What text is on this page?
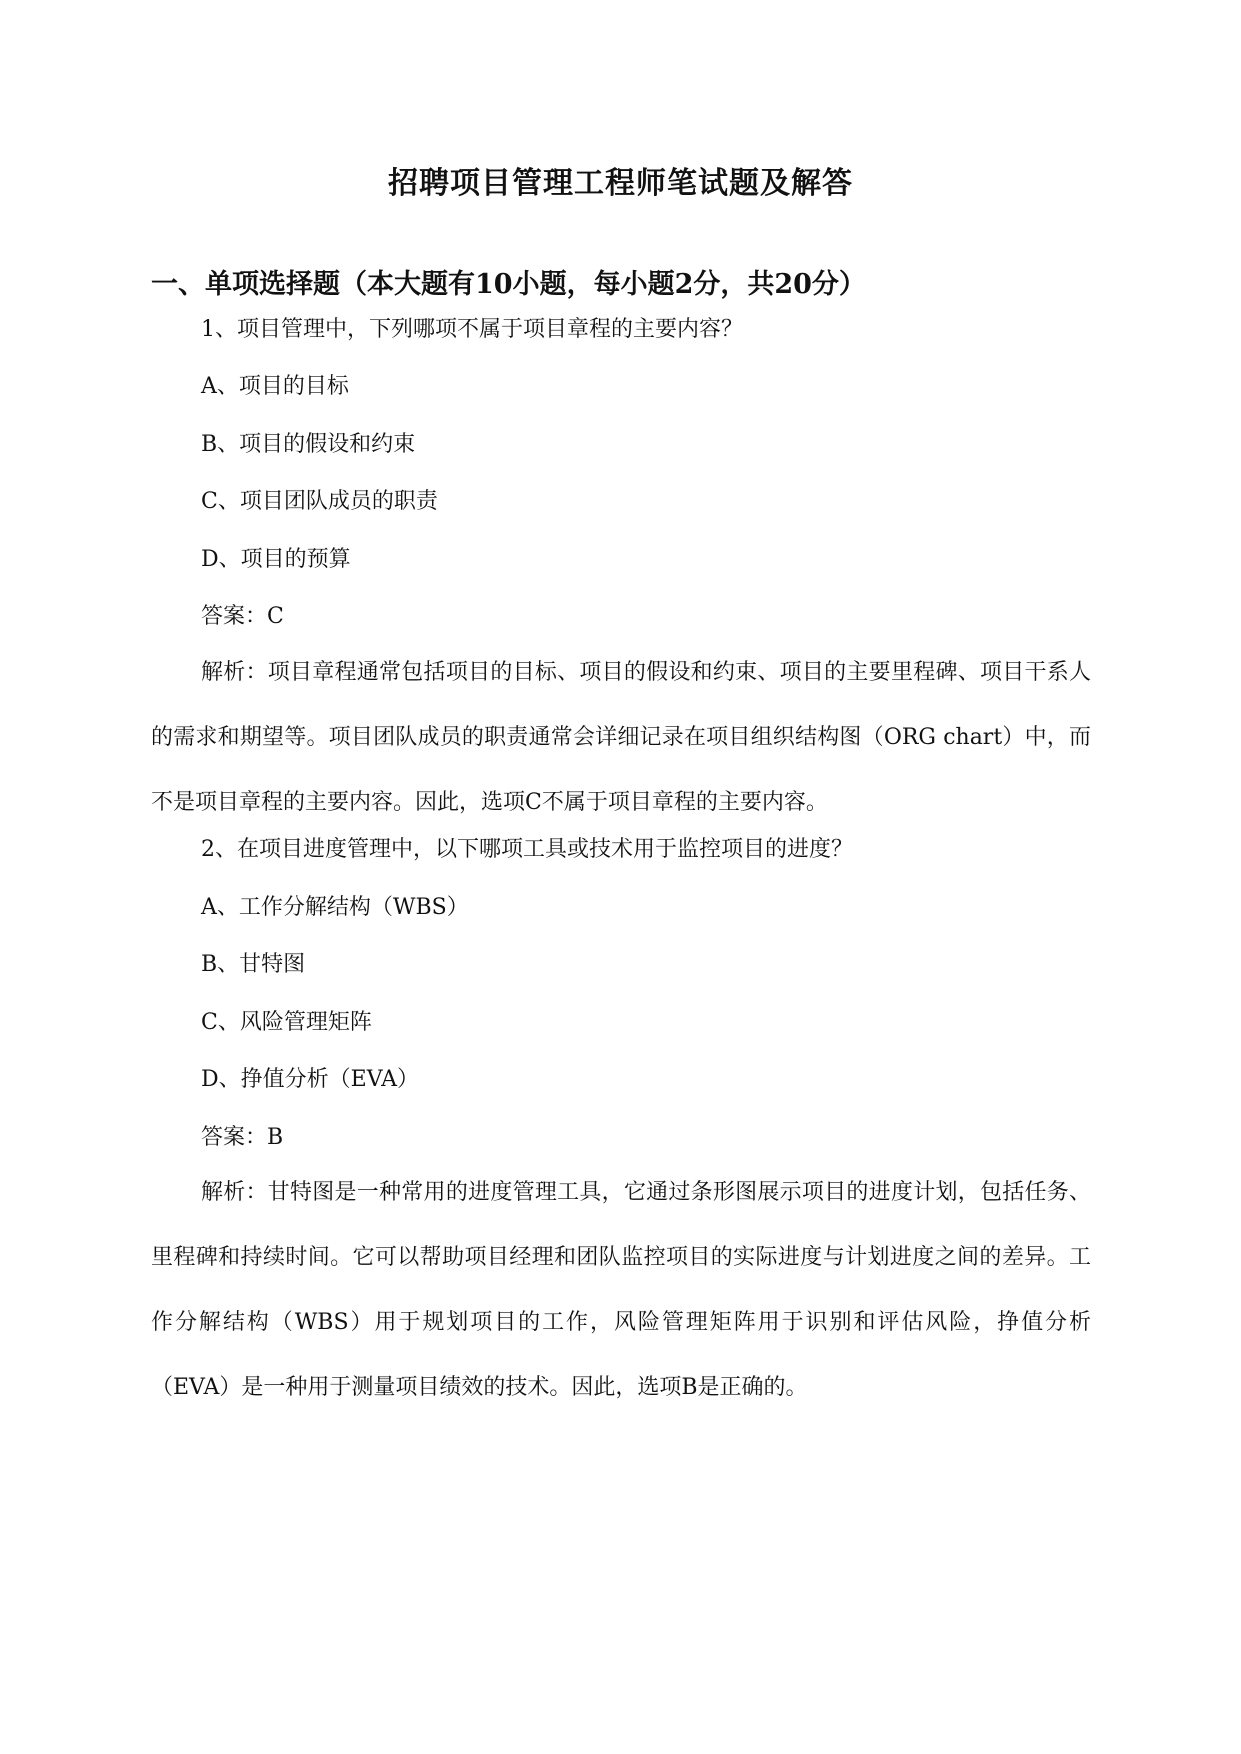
招聘项目管理工程师笔试题及解答
一、单项选择题（本大题有10小题，每小题2分，共20分）

1、项目管理中，下列哪项不属于项目章程的主要内容？

A、项目的目标

B、项目的假设和约束

C、项目团队成员的职责

D、项目的预算

答案：C

解析：项目章程通常包括项目的目标、项目的假设和约束、项目的主要里程碑、项目干系人的需求和期望等。项目团队成员的职责通常会详细记录在项目组织结构图（ORG chart）中，而不是项目章程的主要内容。因此，选项C不属于项目章程的主要内容。

2、在项目进度管理中，以下哪项工具或技术用于监控项目的进度？

A、工作分解结构（WBS）

B、甘特图

C、风险管理矩阵

D、挣值分析（EVA）

答案：B

解析：甘特图是一种常用的进度管理工具，它通过条形图展示项目的进度计划，包括任务、里程碑和持续时间。它可以帮助项目经理和团队监控项目的实际进度与计划进度之间的差异。工作分解结构（WBS）用于规划项目的工作，风险管理矩阵用于识别和评估风险，挣值分析（EVA）是一种用于测量项目绩效的技术。因此，选项B是正确的。
